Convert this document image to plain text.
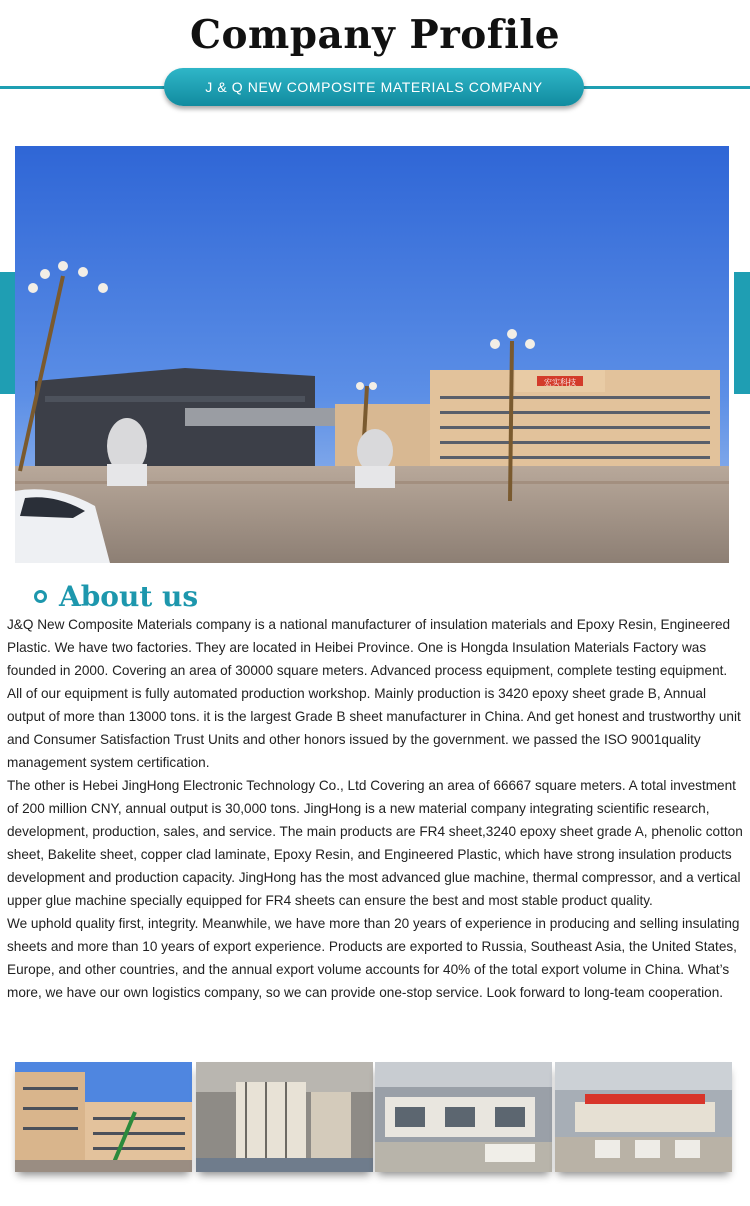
Company Profile
J & Q NEW COMPOSITE MATERIALS COMPANY
宏实科技
About us

J&Q New Composite Materials company is a national manufacturer of insulation materials and Epoxy Resin, Engineered Plastic. We have two factories. They are located in Heibei Province. One is Hongda Insulation Materials Factory was founded in 2000. Covering an area of 30000 square meters. Advanced process equipment, complete testing equipment. All of our equipment is fully automated production workshop. Mainly production is 3420 epoxy sheet grade B, Annual output of more than 13000 tons. it is the largest Grade B sheet manufacturer in China. And get honest and trustworthy unit and Consumer Satisfaction Trust Units and other honors issued by the government. we passed the ISO 9001quality management system certification.

The other is Hebei JingHong Electronic Technology Co., Ltd Covering an area of 66667 square meters. A total investment of 200 million CNY, annual output is 30,000 tons. JingHong is a new material company integrating scientific research, development, production, sales, and service. The main products are FR4 sheet,3240 epoxy sheet grade A, phenolic cotton sheet, Bakelite sheet, copper clad laminate, Epoxy Resin, and Engineered Plastic, which have strong insulation products development and production capacity. JingHong has the most advanced glue machine, thermal compressor, and a vertical upper glue machine specially equipped for FR4 sheets can ensure the best and most stable product quality.

We uphold quality first, integrity. Meanwhile, we have more than 20 years of experience in producing and selling insulating sheets and more than 10 years of export experience. Products are exported to Russia, Southeast Asia, the United States, Europe, and other countries, and the annual export volume accounts for 40% of the total export volume in China. What’s more, we have our own logistics company, so we can provide one-stop service. Look forward to long-team cooperation.
